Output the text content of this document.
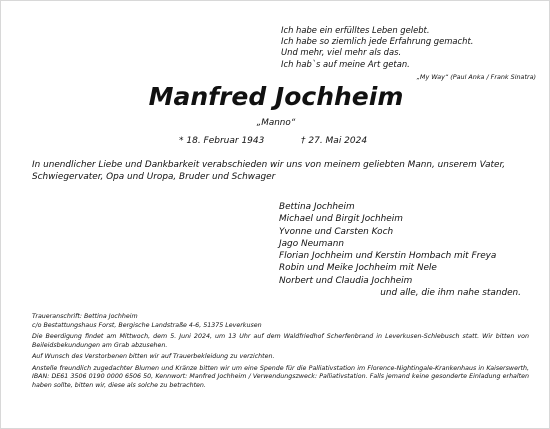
Ich habe ein erfülltes Leben gelebt.
Ich habe so ziemlich jede Erfahrung gemacht.
Und mehr, viel mehr als das.
Ich hab`s auf meine Art getan.
„My Way“ (Paul Anka / Frank Sinatra)
Manfred Jochheim
„Manno“
* 18. Februar 1943	† 27. Mai 2024
In unendlicher Liebe und Dankbarkeit verabschieden wir uns von meinem geliebten Mann, unserem Vater, Schwiegervater, Opa und Uropa, Bruder und Schwager
Bettina Jochheim
Michael und Birgit Jochheim
Yvonne und Carsten Koch
Jago Neumann
Florian Jochheim und Kerstin Hombach mit Freya
Robin und Meike Jochheim mit Nele
Norbert und Claudia Jochheim
und alle, die ihm nahe standen.

Traueranschrift: Bettina Jochheim
c/o Bestattungshaus Forst, Bergische Landstraße 4-6, 51375 Leverkusen

Die Beerdigung findet am Mittwoch, dem 5. Juni 2024, um 13 Uhr auf dem Waldfriedhof Scherfenbrand in Leverkusen-Schlebusch statt. Wir bitten von Beileidsbekundungen am Grab abzusehen.

Auf Wunsch des Verstorbenen bitten wir auf Trauerbekleidung zu verzichten.

Anstelle freundlich zugedachter Blumen und Kränze bitten wir um eine Spende für die Palliativstation im Florence-Nightingale-Krankenhaus in Kaiserswerth, IBAN: DE61 3506 0190 0000 6506 50, Kennwort: Manfred Jochheim / Verwendungszweck: Palliativstation. Falls jemand keine gesonderte Einladung erhalten haben sollte, bitten wir, diese als solche zu betrachten.
